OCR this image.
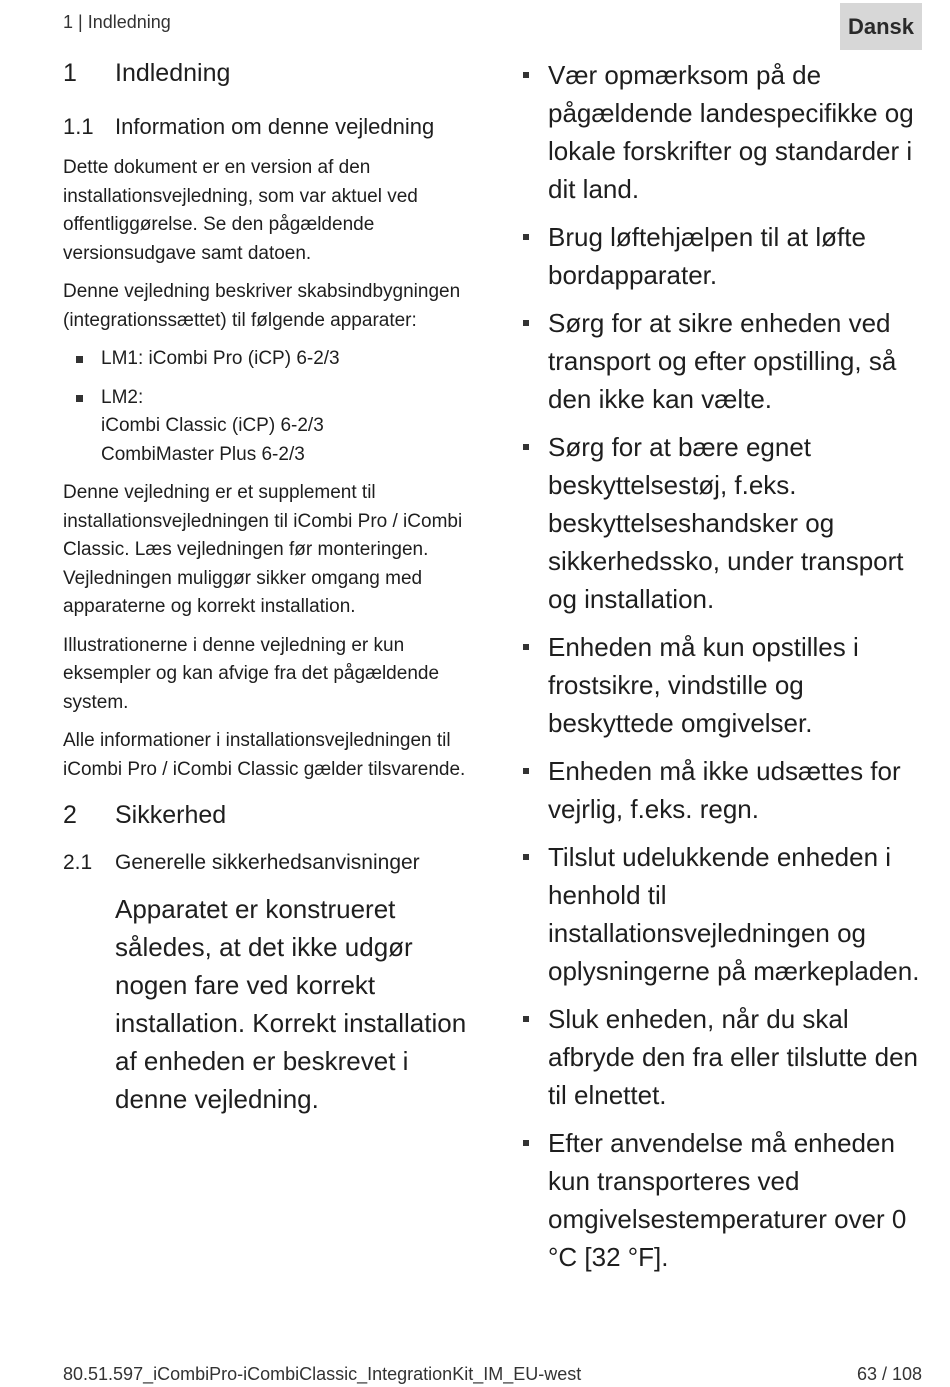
1 | Indledning	Dansk
1	Indledning
1.1 Information om denne vejledning

Dette dokument er en version af den installationsvejledning, som var aktuel ved offentliggørelse. Se den pågældende versionsudgave samt datoen.

Denne vejledning beskriver skabsindbygningen (integrationssættet) til følgende apparater:

LM1: iCombi Pro (iCP) 6-2/3
LM2:
iCombi Classic (iCP) 6-2/3
CombiMaster Plus 6-2/3

Denne vejledning er et supplement til installationsvejledningen til iCombi Pro / iCombi Classic. Læs vejledningen før monteringen. Vejledningen muliggør sikker omgang med apparaterne og korrekt installation.

Illustrationerne i denne vejledning er kun eksempler og kan afvige fra det pågældende system.

Alle informationer i installationsvejledningen til iCombi Pro / iCombi Classic gælder tilsvarende.

2	Sikkerhed
2.1	Generelle sikkerhedsanvisninger
Apparatet er konstrueret således, at det ikke udgør nogen fare ved korrekt installation. Korrekt installation af enheden er beskrevet i denne vejledning.
Vær opmærksom på de pågældende landespecifikke og lokale forskrifter og standarder i dit land.
Brug løftehjælpen til at løfte bordapparater.
Sørg for at sikre enheden ved transport og efter opstilling, så den ikke kan vælte.
Sørg for at bære egnet beskyttelsestøj, f.eks. beskyttelseshandsker og sikkerhedssko, under transport og installation.
Enheden må kun opstilles i frostsikre, vindstille og beskyttede omgivelser.
Enheden må ikke udsættes for vejrlig, f.eks. regn.
Tilslut udelukkende enheden i henhold til installationsvejledningen og oplysningerne på mærkepladen.
Sluk enheden, når du skal afbryde den fra eller tilslutte den til elnettet.
Efter anvendelse må enheden kun transporteres ved omgivelsestemperaturer over 0 °C [32 °F].
80.51.597_iCombiPro-iCombiClassic_IntegrationKit_IM_EU-west	63 / 108
